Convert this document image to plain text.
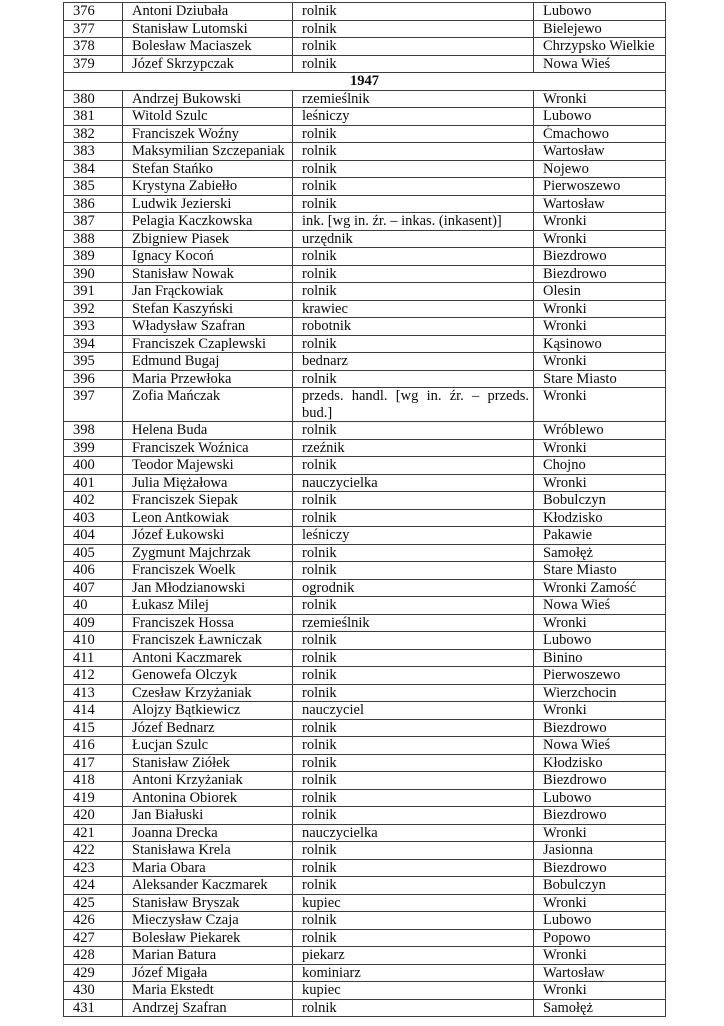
376	Antoni Dziubała	rolnik	Lubowo
377	Stanisław Lutomski	rolnik	Bielejewo
378	Bolesław Maciaszek	rolnik	Chrzypsko Wielkie
379	Józef Skrzypczak	rolnik	Nowa Wieś
1947			
380	Andrzej Bukowski	rzemieślnik	Wronki
381	Witold Szulc	leśniczy	Lubowo
382	Franciszek Woźny	rolnik	Ćmachowo
383	Maksymilian Szczepaniak	rolnik	Wartosław
384	Stefan Stańko	rolnik	Nojewo
385	Krystyna Zabiełło	rolnik	Pierwoszewo
386	Ludwik Jezierski	rolnik	Wartosław
387	Pelagia Kaczkowska	ink. [wg in. źr. – inkas. (inkasent)]	Wronki
388	Zbigniew Piasek	urzędnik	Wronki
389	Ignacy Kocoń	rolnik	Biezdrowo
390	Stanisław Nowak	rolnik	Biezdrowo
391	Jan Frąckowiak	rolnik	Olesin
392	Stefan Kaszyński	krawiec	Wronki
393	Władysław Szafran	robotnik	Wronki
394	Franciszek Czaplewski	rolnik	Kąsinowo
395	Edmund Bugaj	bednarz	Wronki
396	Maria Przewłoka	rolnik	Stare Miasto
397	Zofia Mańczak	przeds. handl. [wg in. źr. – przeds. bud.]	Wronki
398	Helena Buda	rolnik	Wróblewo
399	Franciszek Woźnica	rzeźnik	Wronki
400	Teodor Majewski	rolnik	Chojno
401	Julia Miężałowa	nauczycielka	Wronki
402	Franciszek Siepak	rolnik	Bobulczyn
403	Leon Antkowiak	rolnik	Kłodzisko
404	Józef Łukowski	leśniczy	Pakawie
405	Zygmunt Majchrzak	rolnik	Samołęż
406	Franciszek Woelk	rolnik	Stare Miasto
407	Jan Młodzianowski	ogrodnik	Wronki Zamość
40	Łukasz Milej	rolnik	Nowa Wieś
409	Franciszek Hossa	rzemieślnik	Wronki
410	Franciszek Ławniczak	rolnik	Lubowo
411	Antoni Kaczmarek	rolnik	Binino
412	Genowefa Olczyk	rolnik	Pierwoszewo
413	Czesław Krzyżaniak	rolnik	Wierzchocin
414	Alojzy Bątkiewicz	nauczyciel	Wronki
415	Józef Bednarz	rolnik	Biezdrowo
416	Łucjan Szulc	rolnik	Nowa Wieś
417	Stanisław Ziółek	rolnik	Kłodzisko
418	Antoni Krzyżaniak	rolnik	Biezdrowo
419	Antonina Obiorek	rolnik	Lubowo
420	Jan Białuski	rolnik	Biezdrowo
421	Joanna Drecka	nauczycielka	Wronki
422	Stanisława Krela	rolnik	Jasionna
423	Maria Obara	rolnik	Biezdrowo
424	Aleksander Kaczmarek	rolnik	Bobulczyn
425	Stanisław Bryszak	kupiec	Wronki
426	Mieczysław Czaja	rolnik	Lubowo
427	Bolesław Piekarek	rolnik	Popowo
428	Marian Batura	piekarz	Wronki
429	Józef Migała	kominiarz	Wartosław
430	Maria Ekstedt	kupiec	Wronki
431	Andrzej Szafran	rolnik	Samołęż
